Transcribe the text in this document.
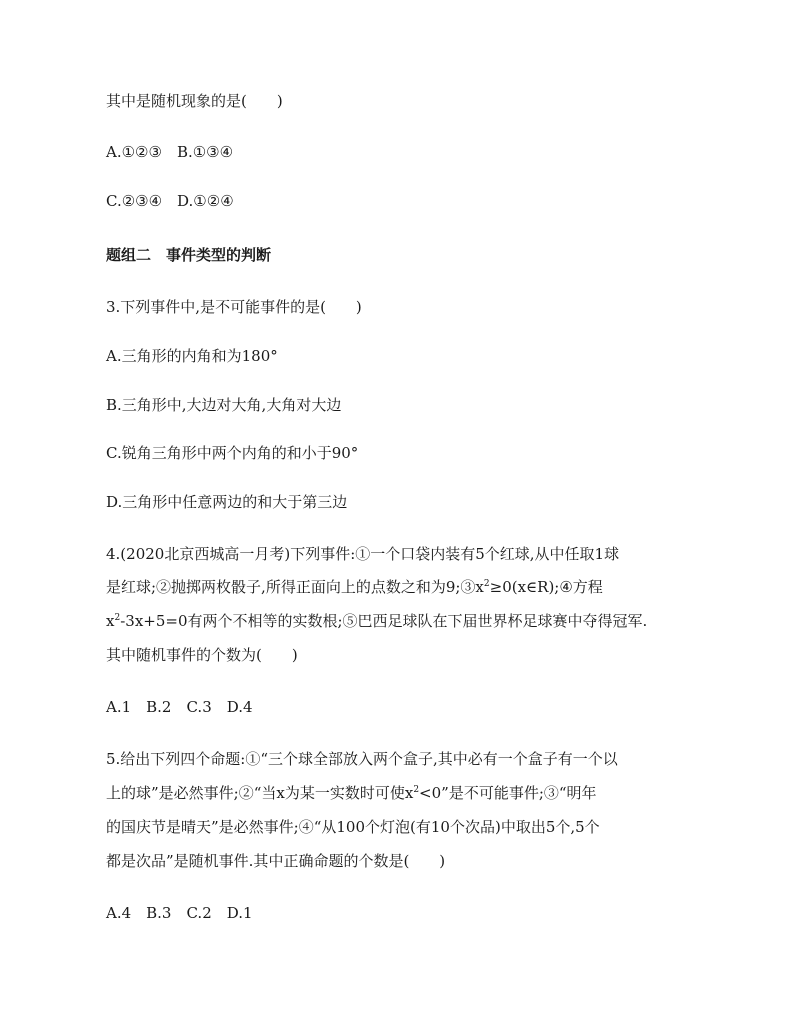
其中是随机现象的是(　　)

A.①②③　B.①③④

C.②③④　D.①②④

题组二　事件类型的判断

3.下列事件中,是不可能事件的是(　　)

A.三角形的内角和为180°

B.三角形中,大边对大角,大角对大边

C.锐角三角形中两个内角的和小于90°

D.三角形中任意两边的和大于第三边

4.(2020北京西城高一月考)下列事件:①一个口袋内装有5个红球,从中任取1球

是红球;②抛掷两枚骰子,所得正面向上的点数之和为$9;③x^2\ge 0(x\in R);④$方程

$x^2-3x+5=0$有两个不相等的实数根;⑤巴西足球队在下届世界杯足球赛中夺得冠军.

其中随机事件的个数为(　　)

A.1　B.2　C.3　D.4

5.给出下列四个命题:①“三个球全部放入两个盒子,其中必有一个盒子有一个以

上的球”是必然事件;②“当x为某一实数时可使$x^2<0$”是不可能事件;③“明年

的国庆节是晴天”是必然事件;④“从100个灯泡(有10个次品)中取出5个,5个

都是次品”是随机事件.其中正确命题的个数是(　　)

A.4　B.3　C.2　D.1
